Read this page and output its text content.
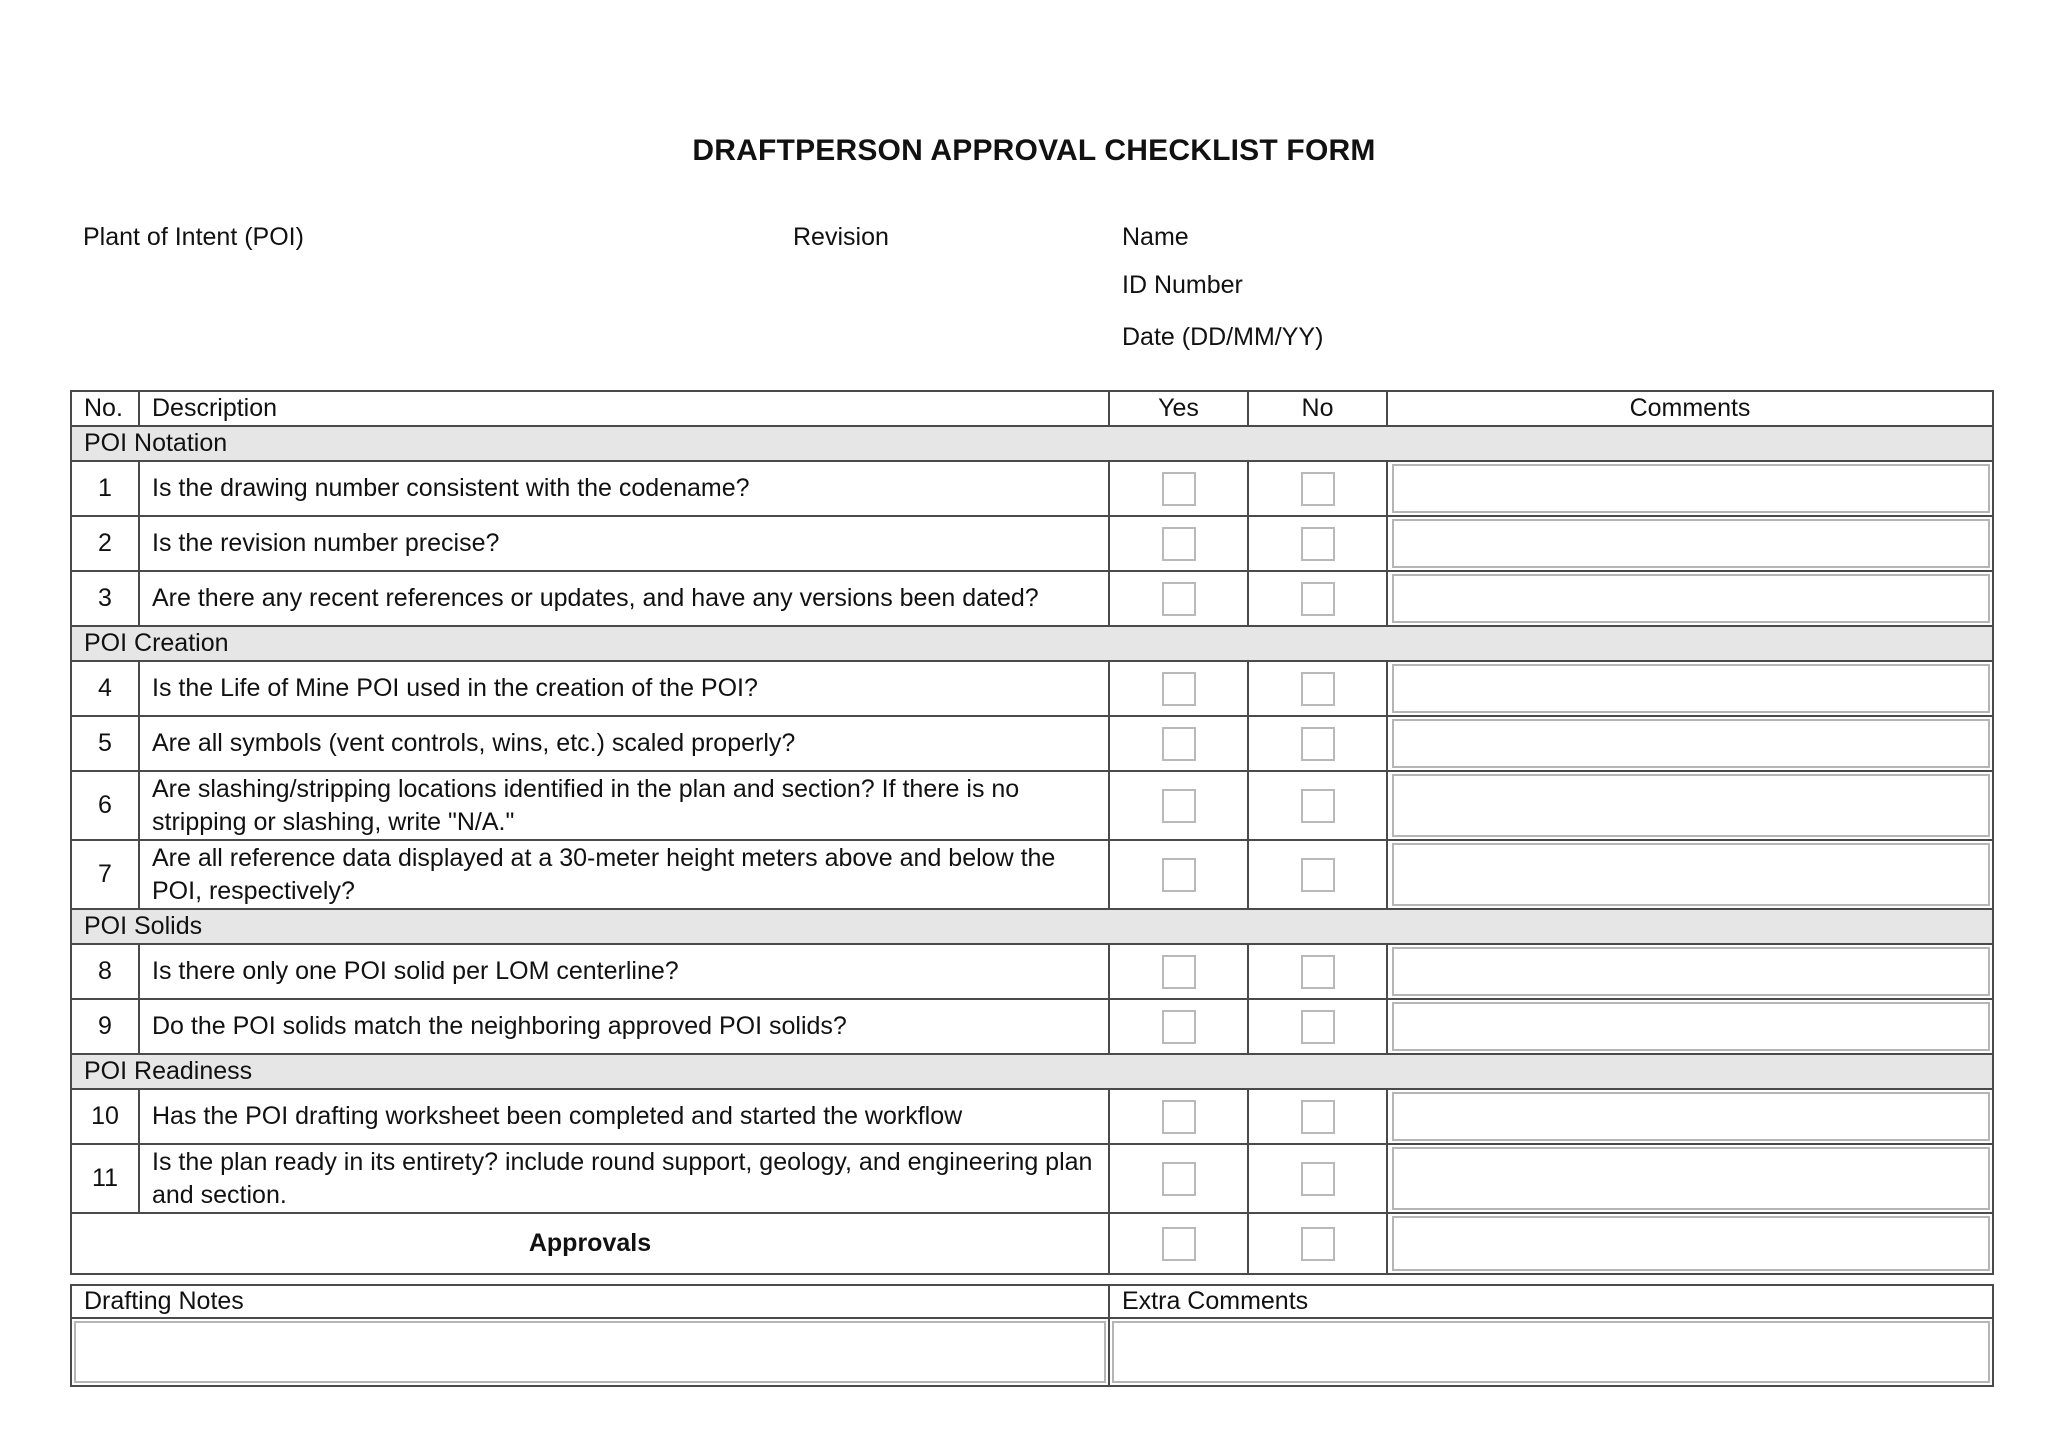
DRAFTPERSON APPROVAL CHECKLIST FORM
Plant of Intent (POI)	Revision	Name
ID Number
Date (DD/MM/YY)
No.	Description	Yes	No	Comments
POI Notation				
1	Is the drawing number consistent with the codename?			

2	Is the revision number precise?			

3	Are there any recent references or updates, and have any versions been dated?			

POI Creation				
4	Is the Life of Mine POI used in the creation of the POI?			

5	Are all symbols (vent controls, wins, etc.) scaled properly?			

6	Are slashing/stripping locations identified in the plan and section? If there is no stripping or slashing, write "N/A."			

7	Are all reference data displayed at a 30-meter height meters above and below the POI, respectively?			

POI Solids				
8	Is there only one POI solid per LOM centerline?			

9	Do the POI solids match the neighboring approved POI solids?			

POI Readiness				
10	Has the POI drafting worksheet been completed and started the workflow			

11	Is the plan ready in its entirety? include round support, geology, and engineering plan and section.			

Approvals				
Drafting Notes	Extra Comments
